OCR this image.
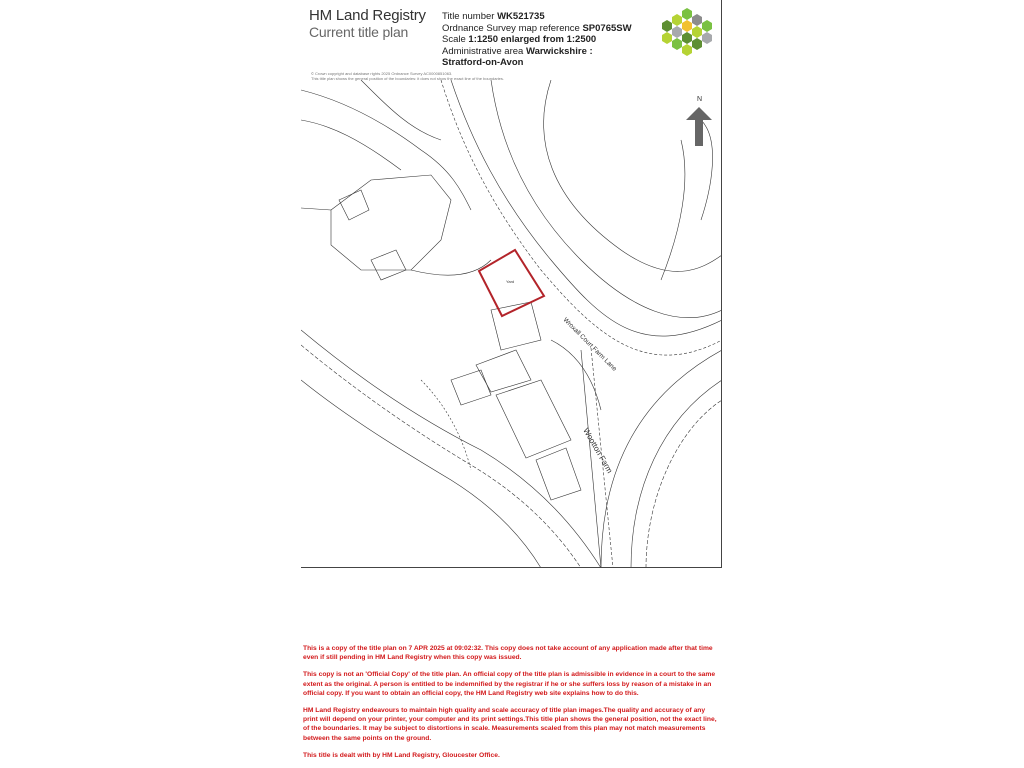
HM Land Registry
Current title plan
Title number WK521735
Ordnance Survey map reference SP0765SW
Scale 1:1250 enlarged from 1:2500
Administrative area Warwickshire :
Stratford-on-Avon
© Crown copyright and database rights 2025 Ordnance Survey AC0000851063.
This title plan shows the general position of the boundaries: it does not show the exact line of the boundaries.
N
Wroxall Court Farm Lane
Wootton Farm
Yard

This is a copy of the title plan on 7 APR 2025 at 09:02:32. This copy does not take account of any application made after that time even if still pending in HM Land Registry when this copy was issued.

This copy is not an 'Official Copy' of the title plan. An official copy of the title plan is admissible in evidence in a court to the same extent as the original. A person is entitled to be indemnified by the registrar if he or she suffers loss by reason of a mistake in an official copy. If you want to obtain an official copy, the HM Land Registry web site explains how to do this.

HM Land Registry endeavours to maintain high quality and scale accuracy of title plan images.The quality and accuracy of any print will depend on your printer, your computer and its print settings.This title plan shows the general position, not the exact line, of the boundaries. It may be subject to distortions in scale. Measurements scaled from this plan may not match measurements between the same points on the ground.

This title is dealt with by HM Land Registry, Gloucester Office.
